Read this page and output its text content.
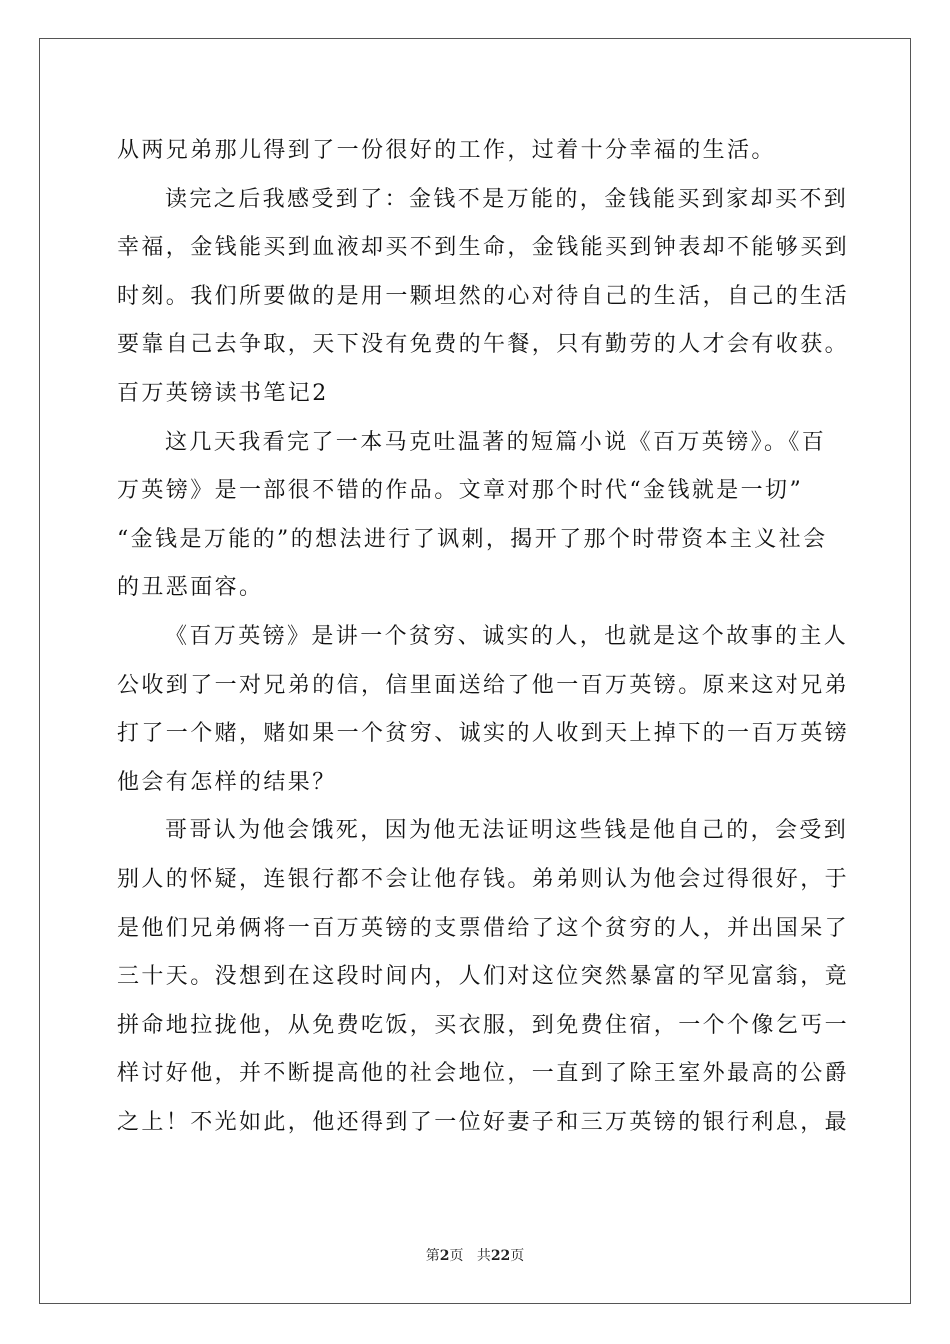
从两兄弟那儿得到了一份很好的工作，过着十分幸福的生活。
读完之后我感受到了：金钱不是万能的，金钱能买到家却买不到
幸福，金钱能买到血液却买不到生命，金钱能买到钟表却不能够买到
时刻。我们所要做的是用一颗坦然的心对待自己的生活，自己的生活
要靠自己去争取，天下没有免费的午餐，只有勤劳的人才会有收获。
百万英镑读书笔记2
这几天我看完了一本马克吐温著的短篇小说《百万英镑》。《百
万英镑》是一部很不错的作品。文章对那个时代“金钱就是一切”
“金钱是万能的”的想法进行了讽刺，揭开了那个时带资本主义社会
的丑恶面容。
《百万英镑》是讲一个贫穷、诚实的人，也就是这个故事的主人
公收到了一对兄弟的信，信里面送给了他一百万英镑。原来这对兄弟
打了一个赌，赌如果一个贫穷、诚实的人收到天上掉下的一百万英镑
他会有怎样的结果？
哥哥认为他会饿死，因为他无法证明这些钱是他自己的，会受到
别人的怀疑，连银行都不会让他存钱。弟弟则认为他会过得很好，于
是他们兄弟俩将一百万英镑的支票借给了这个贫穷的人，并出国呆了
三十天。没想到在这段时间内，人们对这位突然暴富的罕见富翁，竟
拼命地拉拢他，从免费吃饭，买衣服，到免费住宿，一个个像乞丐一
样讨好他，并不断提高他的社会地位，一直到了除王室外最高的公爵
之上！不光如此，他还得到了一位好妻子和三万英镑的银行利息，最
第2页 共22页
